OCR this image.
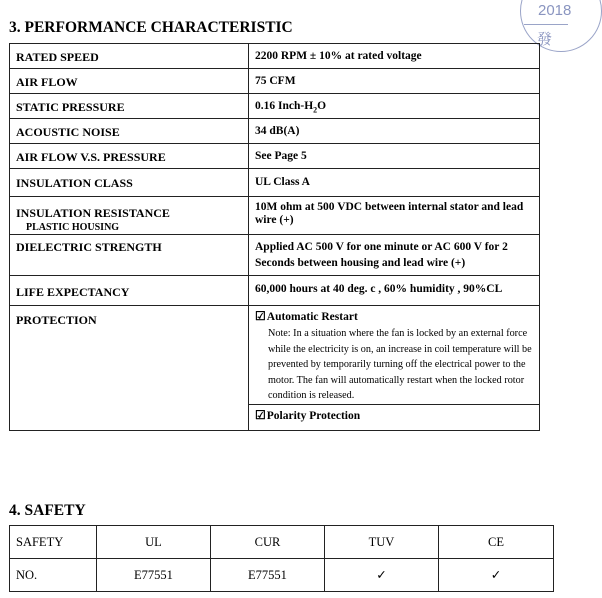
2018
發
3. PERFORMANCE CHARACTERISTIC
RATED SPEED	2200 RPM ± 10% at rated voltage
AIR FLOW	75 CFM
STATIC PRESSURE	0.16 Inch-$H_2O$
ACOUSTIC NOISE	34 dB(A)
AIR FLOW V.S. PRESSURE	See Page 5
INSULATION CLASS	UL Class A
INSULATION RESISTANCE
PLASTIC HOUSING	10M ohm at 500 VDC between internal stator and lead wire (+)
DIELECTRIC STRENGTH	Applied AC 500 V for one minute or AC 600 V for 2 Seconds between housing and lead wire (+)
LIFE EXPECTANCY	60,000 hours at 40 deg. c , 60% humidity , 90%CL
PROTECTION	☑Automatic Restart
Note: In a situation where the fan is locked by an external force while the electricity is on, an increase in coil temperature will be prevented by temporarily turning off the electrical power to the motor. The fan will automatically restart when the locked rotor condition is released.

	☑Polarity Protection
4. SAFETY
SAFETY	UL	CUR	TUV	CE
NO.	E77551	E77551	✓	✓
